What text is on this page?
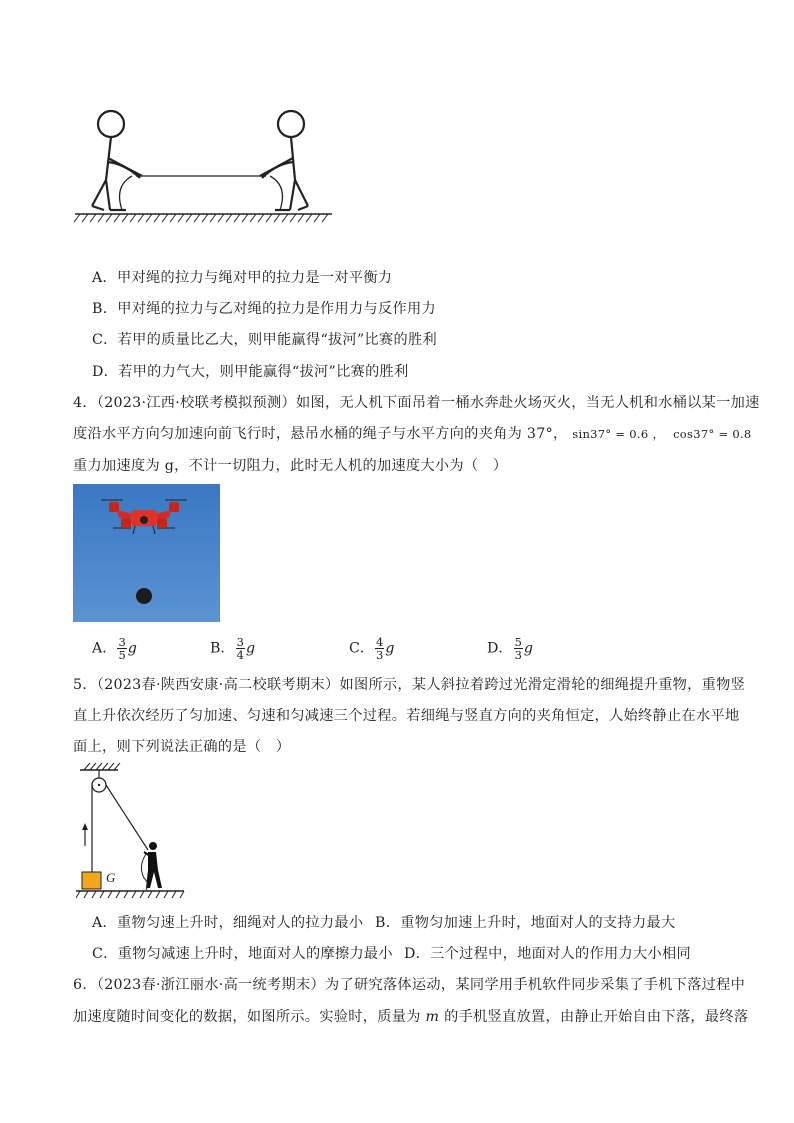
A．甲对绳的拉力与绳对甲的拉力是一对平衡力
B．甲对绳的拉力与乙对绳的拉力是作用力与反作用力
C．若甲的质量比乙大，则甲能赢得“拔河”比赛的胜利
D．若甲的力气大，则甲能赢得“拔河”比赛的胜利
4．（2023·江西·校联考模拟预测）如图，无人机下面吊着一桶水奔赴火场灭火，当无人机和水桶以某一加速
度沿水平方向匀加速向前飞行时，悬吊水桶的绳子与水平方向的夹角为 37°， sin37° = 0.6 ， cos37° = 0.8
重力加速度为 g，不计一切阻力，此时无人机的加速度大小为（　）
A． $\frac{3}{5}$ g	B． $\frac{3}{4}$ g	C． $\frac{4}{3}$ g	D． $\frac{5}{3}$ g
5．（2023春·陕西安康·高二校联考期末）如图所示，某人斜拉着跨过光滑定滑轮的细绳提升重物，重物竖
直上升依次经历了匀加速、匀速和匀减速三个过程。若细绳与竖直方向的夹角恒定，人始终静止在水平地
面上，则下列说法正确的是（　）
G
A．重物匀速上升时，细绳对人的拉力最小 B．重物匀加速上升时，地面对人的支持力最大
C．重物匀减速上升时，地面对人的摩擦力最小 D．三个过程中，地面对人的作用力大小相同
6．（2023春·浙江丽水·高一统考期末）为了研究落体运动，某同学用手机软件同步采集了手机下落过程中
加速度随时间变化的数据，如图所示。实验时，质量为 m 的手机竖直放置，由静止开始自由下落，最终落
